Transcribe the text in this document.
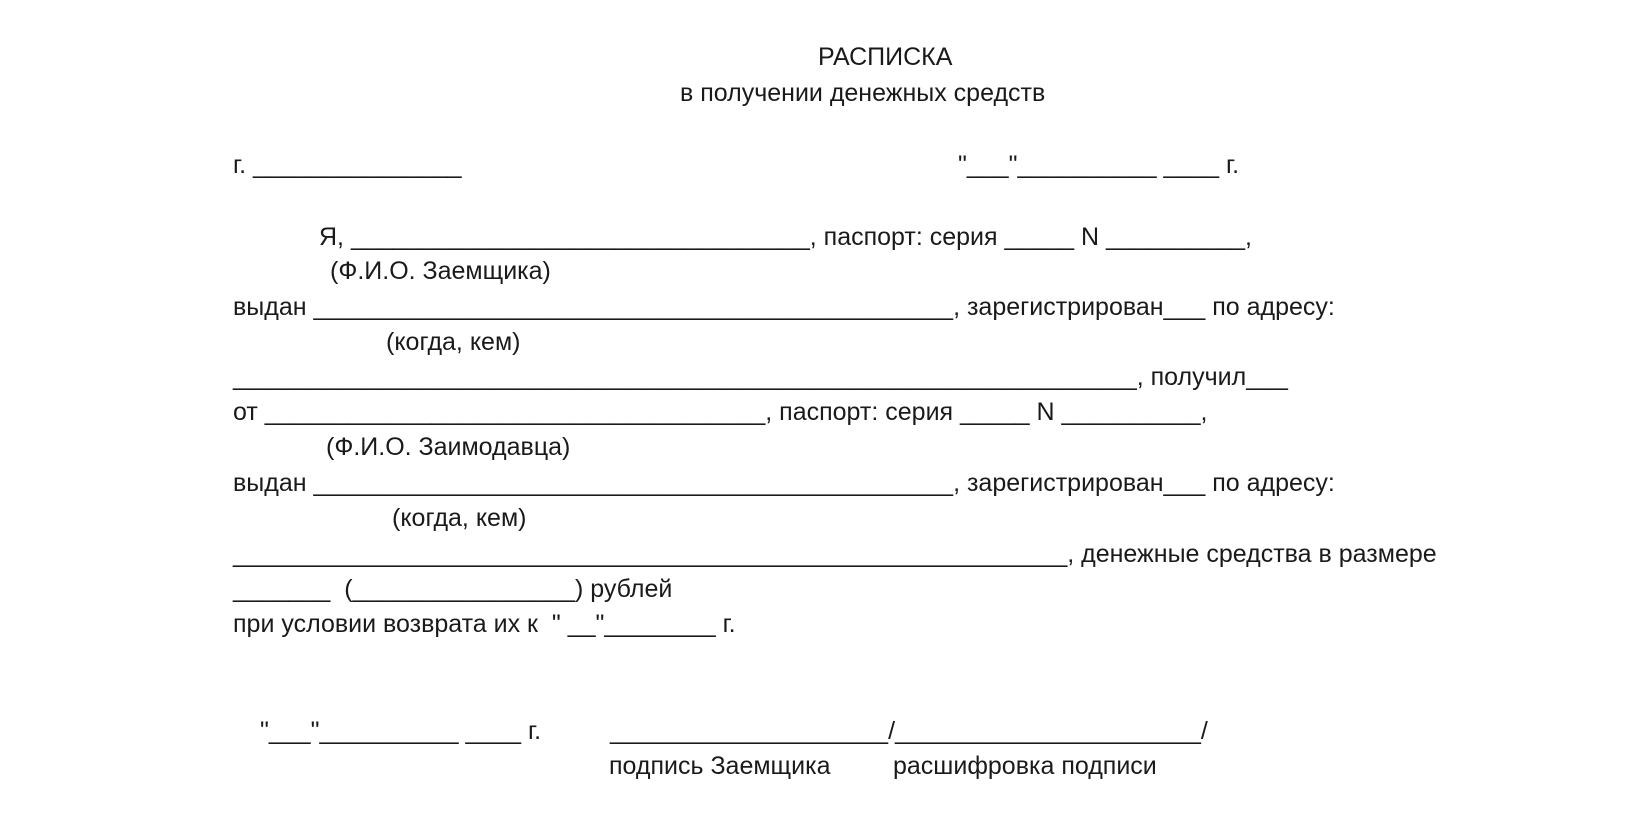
РАСПИСКА
в получении денежных средств
г. _______________	"___"__________ ____ г.
Я, _________________________________, паспорт: серия _____ N __________,
(Ф.И.О. Заемщика)
выдан ______________________________________________, зарегистрирован___ по адресу:
(когда, кем)
_________________________________________________________________, получил___
от ____________________________________, паспорт: серия _____ N __________,
(Ф.И.О. Заимодавца)
выдан ______________________________________________, зарегистрирован___ по адресу:
(когда, кем)
____________________________________________________________, денежные средства в размере
_______  (________________) рублей
при условии возврата их к  " __"________ г.
"___"__________ ____ г.	____________________/______________________/
подпись Заемщика	расшифровка подписи
